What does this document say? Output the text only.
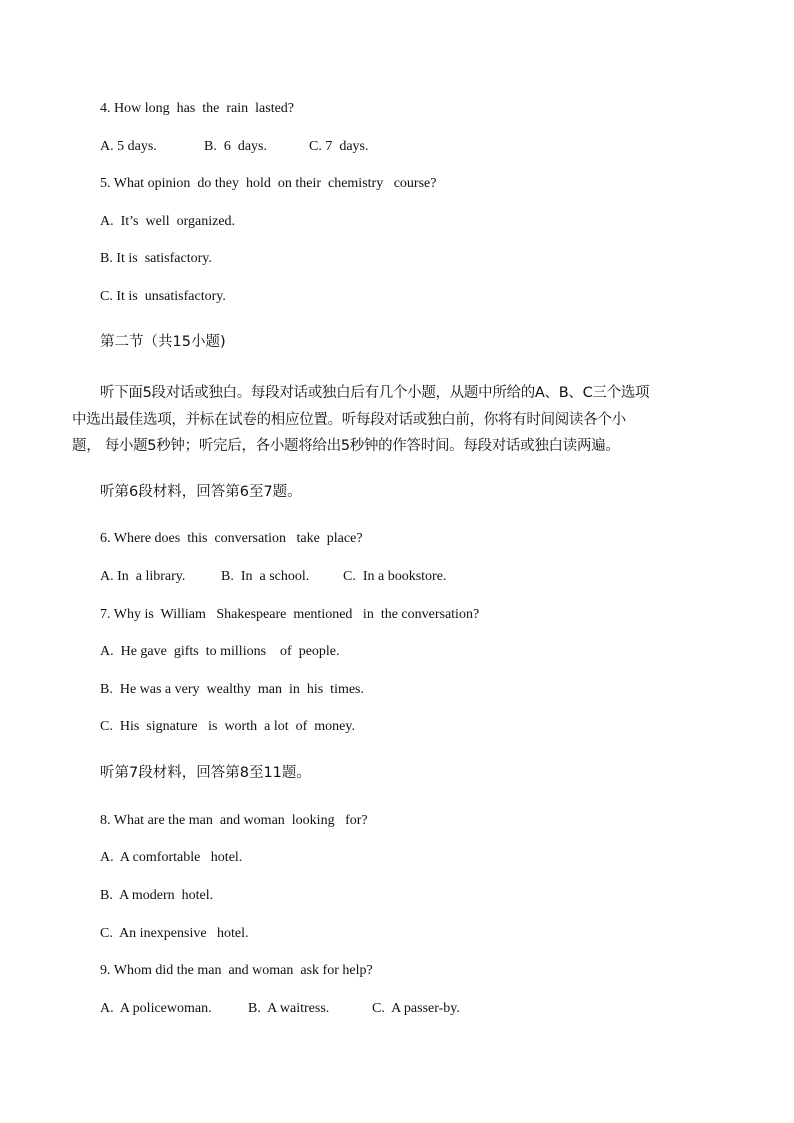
4. How long  has  the  rain  lasted?

A. 5 days.

	B.  6  days.

	C. 7  days.

5. What opinion  do they  hold  on their  chemistry   course?
A.  It’s  well  organized.
B. It is  satisfactory.
C. It is  unsatisfactory.
第二节（共15小题)

听下面5段对话或独白。每段对话或独白后有几个小题，从题中所给的A、B、C三个选项

中选出最佳选项，并标在试卷的相应位置。听每段对话或独白前，你将有时间阅读各个小

题， 每小题5秒钟；听完后，各小题将给出5秒钟的作答时间。每段对话或独白读两遍。

听第6段材料，回答第6至7题。
6. Where does  this  conversation   take  place?

A. In  a library.

	B.  In  a school.

C.  In a bookstore.

7. Why is  William   Shakespeare  mentioned   in  the conversation?
A.  He gave  gifts  to millions    of  people.
B.  He was a very  wealthy  man  in  his  times.
C.  His  signature   is  worth  a lot  of  money.
听第7段材料，回答第8至11题。
8. What are the man  and woman  looking   for?
A.  A comfortable   hotel.
B.  A modern  hotel.
C.  An inexpensive   hotel.
9. Whom did the man  and woman  ask for help?

A.  A policewoman.

	B.  A waitress.

	C.  A passer-by.
